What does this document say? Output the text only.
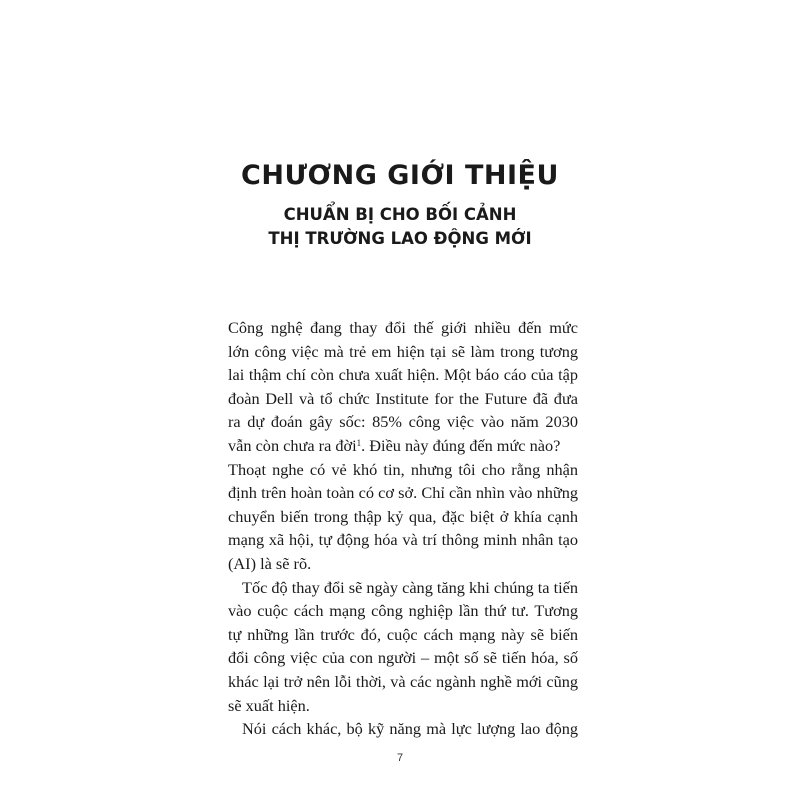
CHƯƠNG GIỚI THIỆU
CHUẨN BỊ CHO BỐI CẢNH
THỊ TRƯỜNG LAO ĐỘNG MỚI
Công nghệ đang thay đổi thế giới nhiều đến mức
lớn công việc mà trẻ em hiện tại sẽ làm trong tương
lai thậm chí còn chưa xuất hiện. Một báo cáo của tập
đoàn Dell và tổ chức Institute for the Future đã đưa
ra dự đoán gây sốc: 85% công việc vào năm 2030
vẫn còn chưa ra đời$^1$. Điều này đúng đến mức nào?
Thoạt nghe có vẻ khó tin, nhưng tôi cho rằng nhận
định trên hoàn toàn có cơ sở. Chỉ cần nhìn vào những
chuyển biến trong thập kỷ qua, đặc biệt ở khía cạnh
mạng xã hội, tự động hóa và trí thông minh nhân tạo
(AI) là sẽ rõ.
Tốc độ thay đổi sẽ ngày càng tăng khi chúng ta tiến
vào cuộc cách mạng công nghiệp lần thứ tư. Tương
tự những lần trước đó, cuộc cách mạng này sẽ biến
đổi công việc của con người – một số sẽ tiến hóa, số
khác lại trở nên lỗi thời, và các ngành nghề mới cũng
sẽ xuất hiện.
Nói cách khác, bộ kỹ năng mà lực lượng lao động
7
